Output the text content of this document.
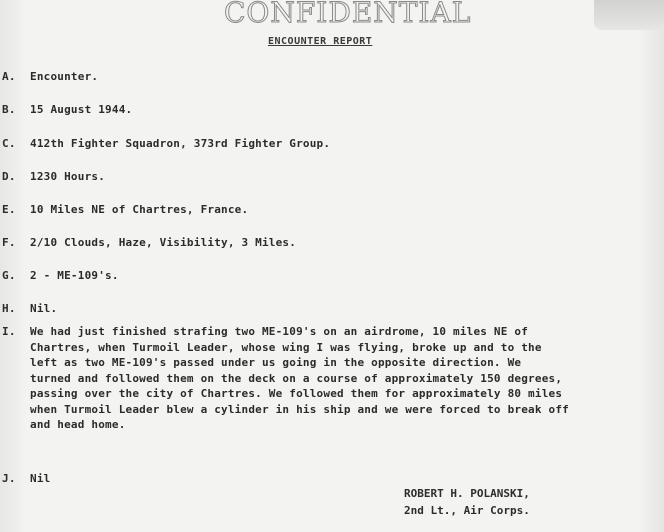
CONFIDENTIAL
ENCOUNTER REPORT
A. Encounter.
B. 15 August 1944.
C. 412th Fighter Squadron, 373rd Fighter Group.
D. 1230 Hours.
E. 10 Miles NE of Chartres, France.
F. 2/10 Clouds, Haze, Visibility, 3 Miles.
G. 2 - ME-109's.
H. Nil.
I.	We had just finished strafing two ME-109's on an airdrome, 10 miles NE of
Chartres, when Turmoil Leader, whose wing I was flying, broke up and to the
left as two ME-109's passed under us going in the opposite direction. We
turned and followed them on the deck on a course of approximately 150 degrees,
passing over the city of Chartres. We followed them for approximately 80 miles
when Turmoil Leader blew a cylinder in his ship and we were forced to break off
and head home.
J. Nil
ROBERT H. POLANSKI,
2nd Lt., Air Corps.
